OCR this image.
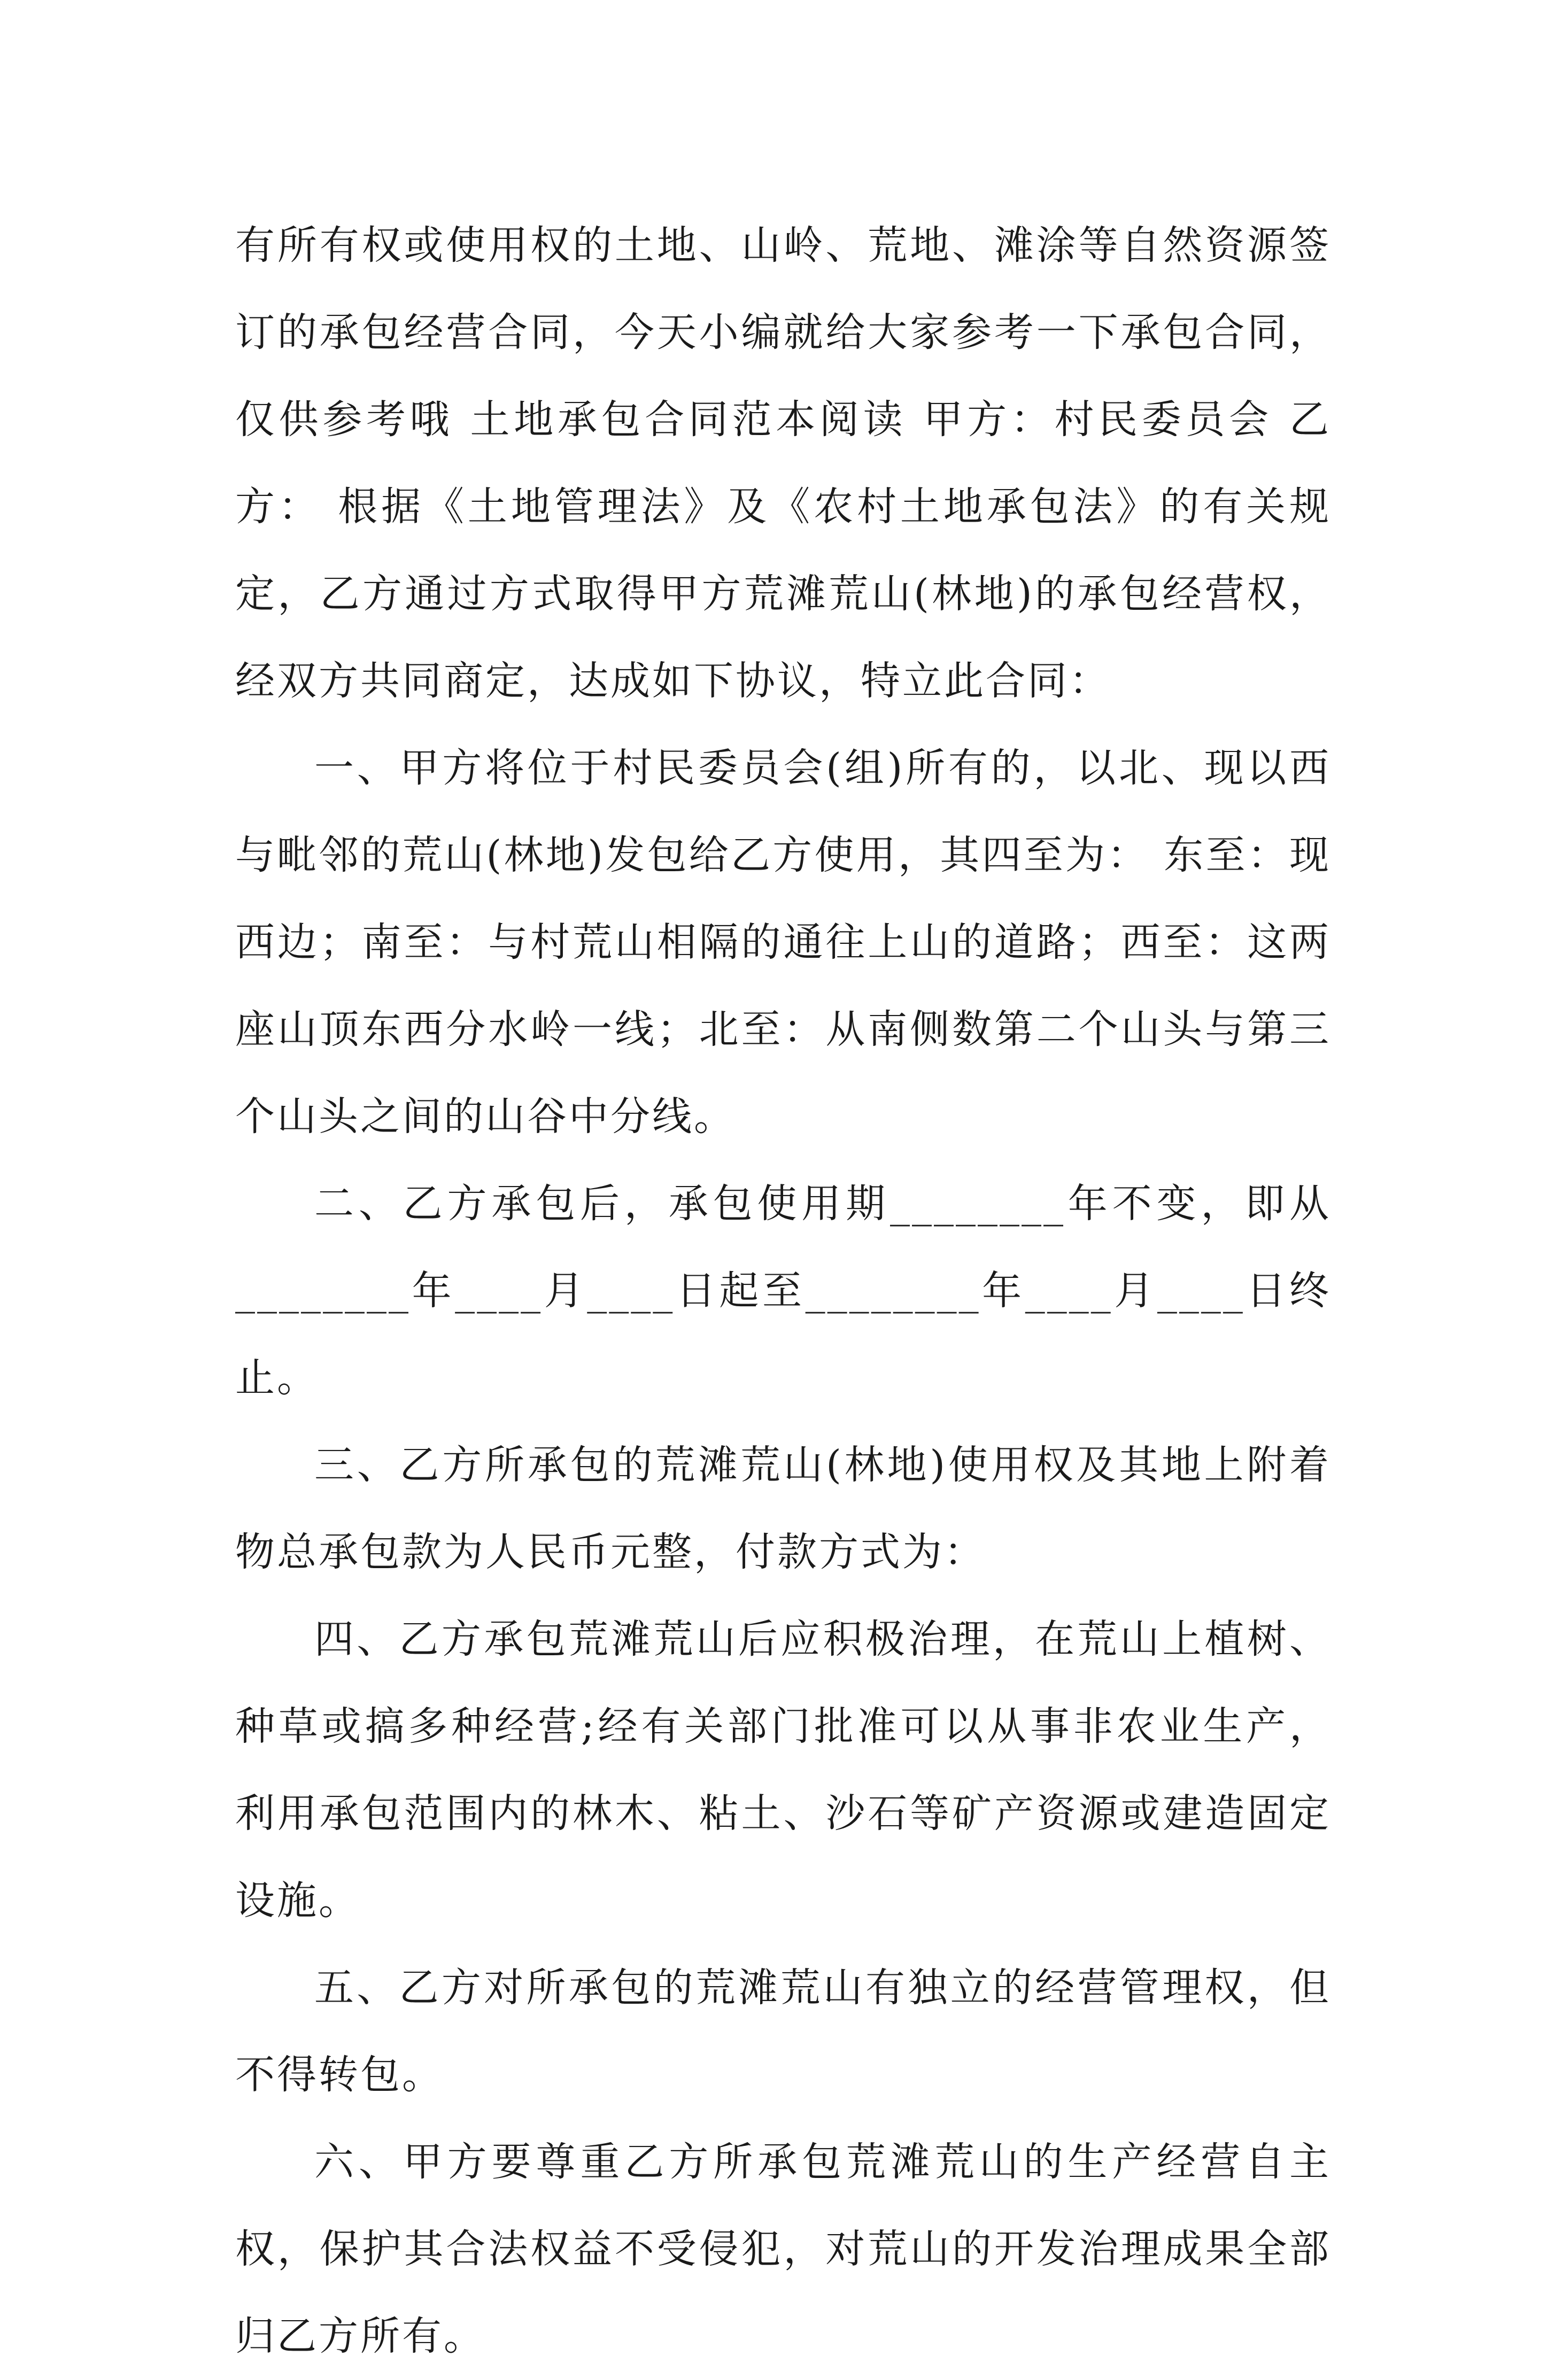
有所有权或使用权的土地、山岭、荒地、滩涂等自然资源签订的承包经营合同，今天小编就给大家参考一下承包合同，仅供参考哦 土地承包合同范本阅读 甲方：村民委员会 乙方： 根据《土地管理法》及《农村土地承包法》的有关规定，乙方通过方式取得甲方荒滩荒山(林地)的承包经营权，经双方共同商定，达成如下协议，特立此合同：

一、甲方将位于村民委员会(组)所有的，以北、现以西与毗邻的荒山(林地)发包给乙方使用，其四至为： 东至：现西边；南至：与村荒山相隔的通往上山的道路；西至：这两座山顶东西分水岭一线；北至：从南侧数第二个山头与第三个山头之间的山谷中分线。

二、乙方承包后，承包使用期________年不变，即从________年____月____日起至________年____月____日终止。

三、乙方所承包的荒滩荒山(林地)使用权及其地上附着物总承包款为人民币元整，付款方式为：

四、乙方承包荒滩荒山后应积极治理，在荒山上植树、种草或搞多种经营;经有关部门批准可以从事非农业生产，利用承包范围内的林木、粘土、沙石等矿产资源或建造固定设施。

五、乙方对所承包的荒滩荒山有独立的经营管理权，但不得转包。

六、甲方要尊重乙方所承包荒滩荒山的生产经营自主权，保护其合法权益不受侵犯，对荒山的开发治理成果全部归乙方所有。
